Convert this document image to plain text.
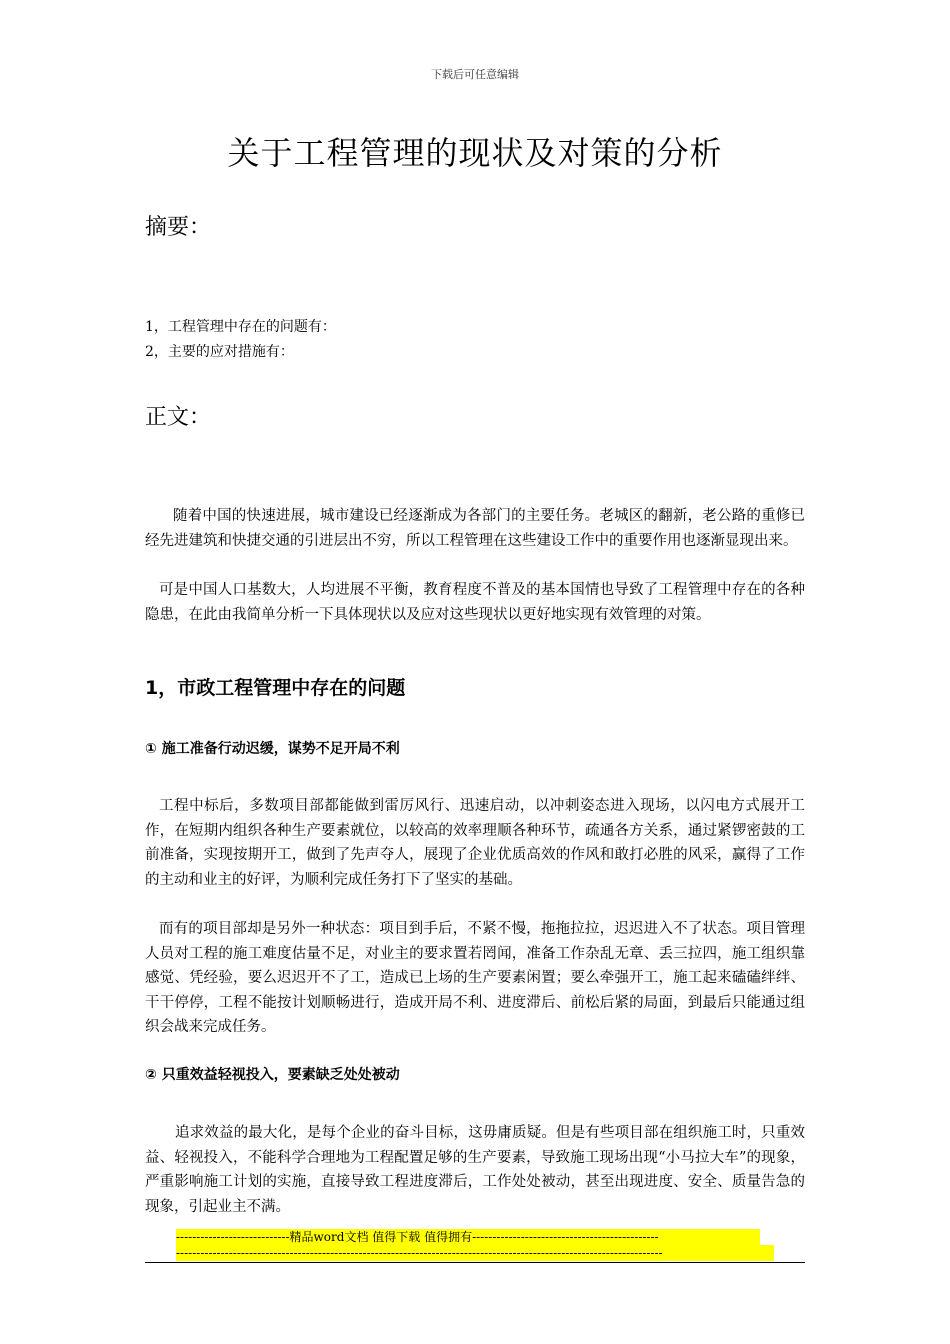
下载后可任意编辑
关于工程管理的现状及对策的分析
摘要：

1，工程管理中存在的问题有：

2，主要的应对措施有：

正文：

随着中国的快速进展，城市建设已经逐渐成为各部门的主要任务。老城区的翻新，老公路的重修已经先进建筑和快捷交通的引进层出不穷，所以工程管理在这些建设工作中的重要作用也逐渐显现出来。

可是中国人口基数大，人均进展不平衡，教育程度不普及的基本国情也导致了工程管理中存在的各种隐患，在此由我简单分析一下具体现状以及应对这些现状以更好地实现有效管理的对策。

1，市政工程管理中存在的问题
① 施工准备行动迟缓，谋势不足开局不利

工程中标后，多数项目部都能做到雷厉风行、迅速启动，以冲刺姿态进入现场，以闪电方式展开工作，在短期内组织各种生产要素就位，以较高的效率理顺各种环节，疏通各方关系，通过紧锣密鼓的工前准备，实现按期开工，做到了先声夺人，展现了企业优质高效的作风和敢打必胜的风采，赢得了工作的主动和业主的好评，为顺利完成任务打下了坚实的基础。

而有的项目部却是另外一种状态：项目到手后，不紧不慢，拖拖拉拉，迟迟进入不了状态。项目管理人员对工程的施工难度估量不足，对业主的要求置若罔闻，准备工作杂乱无章、丢三拉四，施工组织靠感觉、凭经验，要么迟迟开不了工，造成已上场的生产要素闲置；要么牵强开工，施工起来磕磕绊绊、干干停停，工程不能按计划顺畅进行，造成开局不利、进度滞后、前松后紧的局面，到最后只能通过组织会战来完成任务。

② 只重效益轻视投入，要素缺乏处处被动

追求效益的最大化，是每个企业的奋斗目标，这毋庸质疑。但是有些项目部在组织施工时，只重效益、轻视投入，不能科学合理地为工程配置足够的生产要素，导致施工现场出现“小马拉大车”的现象，严重影响施工计划的实施，直接导致工程进度滞后，工作处处被动，甚至出现进度、安全、质量告急的现象，引起业主不满。

----------------------------精品word文档 值得下载 值得拥有----------------------------------------------
------------------------------------------------------------------------------------------------------------------------
